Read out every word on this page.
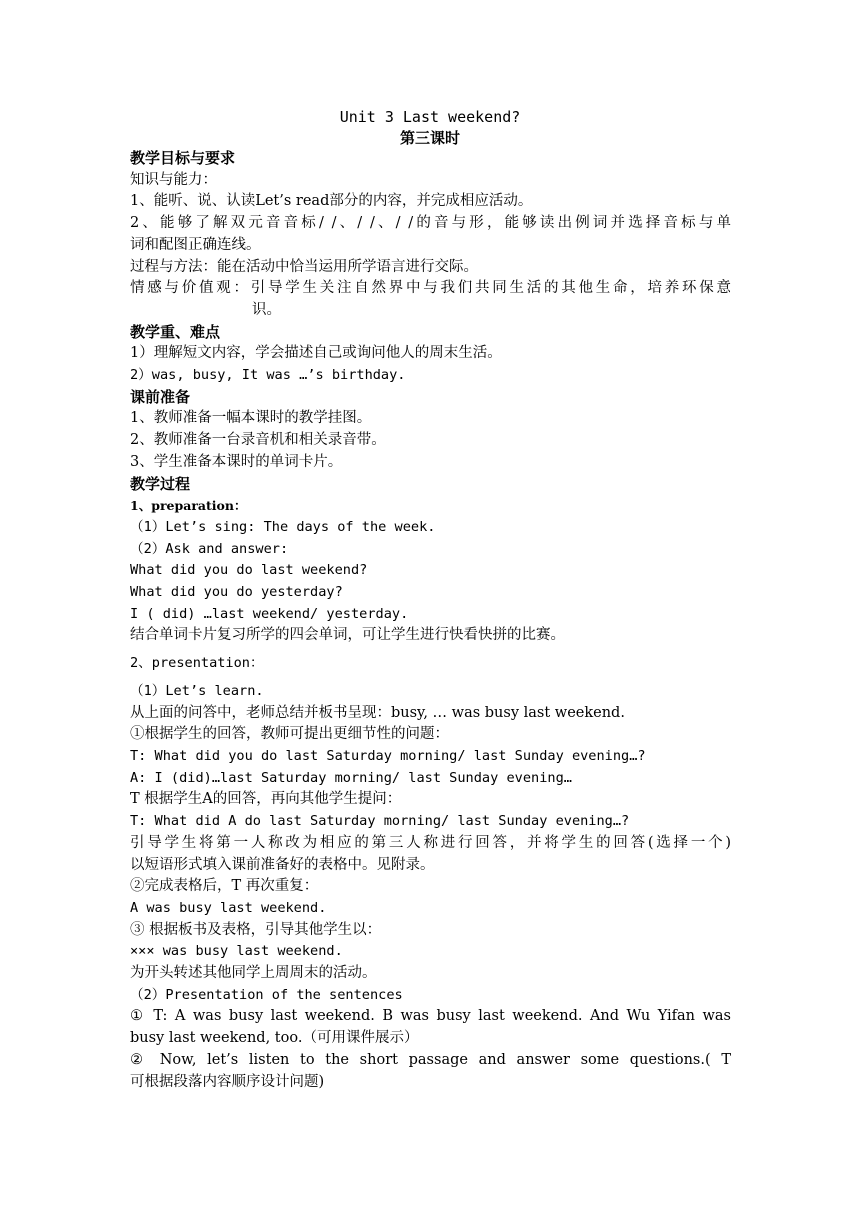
Unit 3 Last weekend?
第三课时
教学目标与要求
知识与能力：
1、能听、说、认读Let’s read部分的内容，并完成相应活动。
2、能够了解双元音音标/ /、/ /、/ /的音与形，能够读出例词并选择音标与单
词和配图正确连线。
过程与方法：能在活动中恰当运用所学语言进行交际。
情感与价值观：引导学生关注自然界中与我们共同生活的其他生命，培养环保意
识。
教学重、难点
1）理解短文内容，学会描述自己或询问他人的周末生活。
2）was, busy, It was …’s birthday.
课前准备
1、教师准备一幅本课时的教学挂图。
2、教师准备一台录音机和相关录音带。
3、学生准备本课时的单词卡片。
教学过程
1、preparation：
（1）Let’s sing: The days of the week.
（2）Ask and answer:
What did you do last weekend?
What did you do yesterday?
I ( did) …last weekend/ yesterday.
结合单词卡片复习所学的四会单词，可让学生进行快看快拼的比赛。
2、presentation：
（1）Let’s learn.
从上面的问答中，老师总结并板书呈现：busy, … was busy last weekend.
①根据学生的回答，教师可提出更细节性的问题：
T: What did you do last Saturday morning/ last Sunday evening…?
A: I (did)…last Saturday morning/ last Sunday evening…
T 根据学生A的回答，再向其他学生提问：
T: What did A do last Saturday morning/ last Sunday evening…?
引导学生将第一人称改为相应的第三人称进行回答，并将学生的回答(选择一个)
以短语形式填入课前准备好的表格中。见附录。
②完成表格后，T 再次重复：
A was busy last weekend.
③ 根据板书及表格，引导其他学生以：
××× was busy last weekend.
为开头转述其他同学上周周末的活动。
（2）Presentation of the sentences
① T: A was busy last weekend. B was busy last weekend. And Wu Yifan was
busy last weekend, too.（可用课件展示）
② Now, let’s listen to the short passage and answer some questions.( T
可根据段落内容顺序设计问题)
